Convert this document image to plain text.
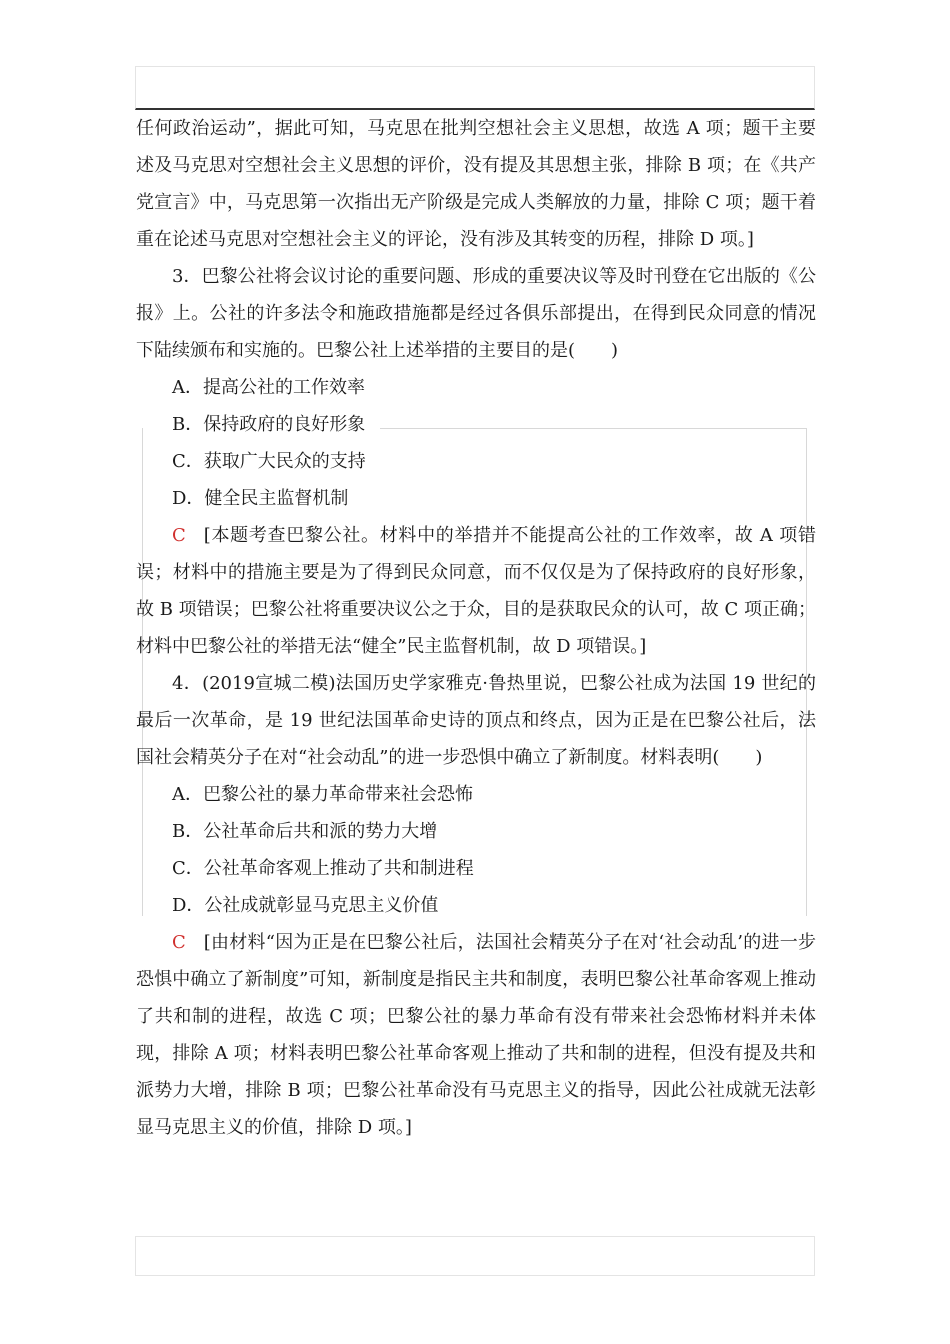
任何政治运动”，据此可知，马克思在批判空想社会主义思想，故选 A 项；题干主要述及马克思对空想社会主义思想的评价，没有提及其思想主张，排除 B 项；在《共产党宣言》中，马克思第一次指出无产阶级是完成人类解放的力量，排除 C 项；题干着重在论述马克思对空想社会主义的评论，没有涉及其转变的历程，排除 D 项。]

3．巴黎公社将会议讨论的重要问题、形成的重要决议等及时刊登在它出版的《公报》上。公社的许多法令和施政措施都是经过各俱乐部提出，在得到民众同意的情况下陆续颁布和实施的。巴黎公社上述举措的主要目的是(　　)

A．提高公社的工作效率

B．保持政府的良好形象

C．获取广大民众的支持

D．健全民主监督机制

C [本题考查巴黎公社。材料中的举措并不能提高公社的工作效率，故 A 项错误；材料中的措施主要是为了得到民众同意，而不仅仅是为了保持政府的良好形象，故 B 项错误；巴黎公社将重要决议公之于众，目的是获取民众的认可，故 C 项正确；材料中巴黎公社的举措无法“健全”民主监督机制，故 D 项错误。]

4．(2019宣城二模)法国历史学家雅克·鲁热里说，巴黎公社成为法国 19 世纪的最后一次革命，是 19 世纪法国革命史诗的顶点和终点，因为正是在巴黎公社后，法国社会精英分子在对“社会动乱”的进一步恐惧中确立了新制度。材料表明(　　)

A．巴黎公社的暴力革命带来社会恐怖

B．公社革命后共和派的势力大增

C．公社革命客观上推动了共和制进程

D．公社成就彰显马克思主义价值

C [由材料“因为正是在巴黎公社后，法国社会精英分子在对‘社会动乱’的进一步恐惧中确立了新制度”可知，新制度是指民主共和制度，表明巴黎公社革命客观上推动了共和制的进程，故选 C 项；巴黎公社的暴力革命有没有带来社会恐怖材料并未体现，排除 A 项；材料表明巴黎公社革命客观上推动了共和制的进程，但没有提及共和派势力大增，排除 B 项；巴黎公社革命没有马克思主义的指导，因此公社成就无法彰显马克思主义的价值，排除 D 项。]
